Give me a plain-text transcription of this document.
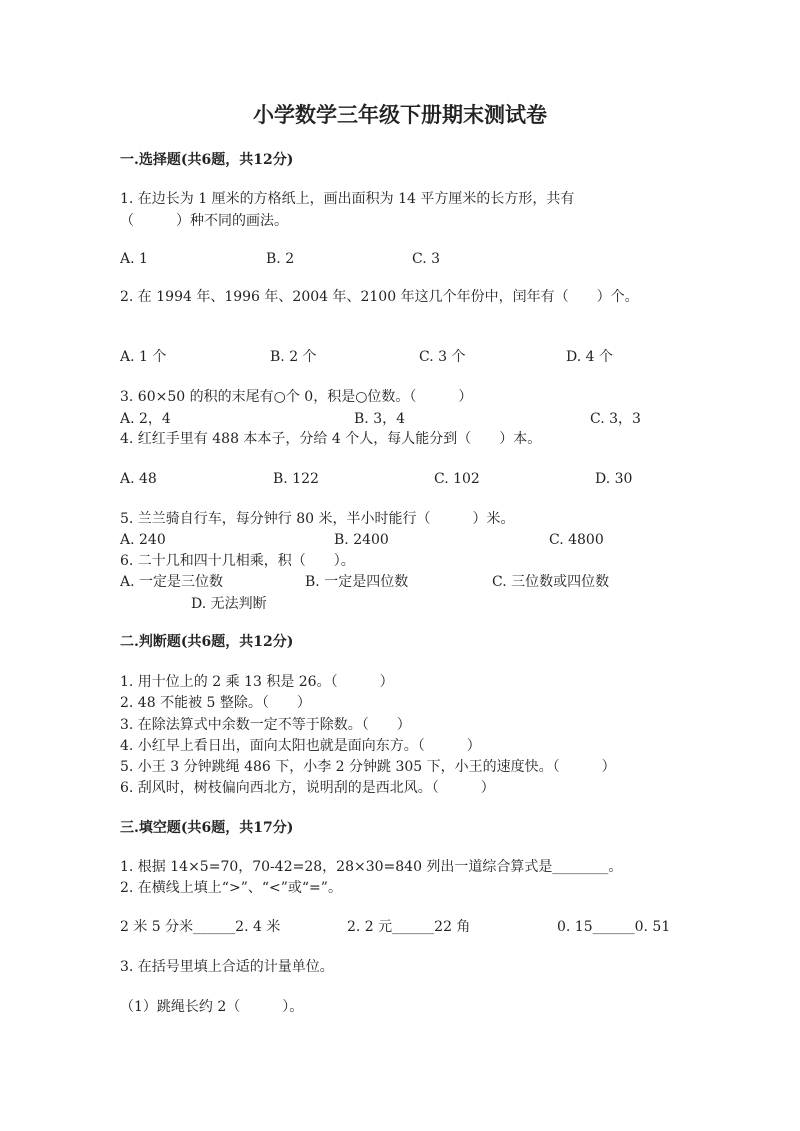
小学数学三年级下册期末测试卷
一.选择题(共6题，共12分)
1. 在边长为 1 厘米的方格纸上，画出面积为 14 平方厘米的长方形，共有
（　　　）种不同的画法。
A. 1	B. 2	C. 3
2. 在 1994 年、1996 年、2004 年、2100 年这几个年份中，闰年有（　　）个。
A. 1 个	B. 2 个	C. 3 个	D. 4 个
3. 60×50 的积的末尾有○个 0，积是○位数。（　　　）
A. 2，4	B. 3，4	C. 3，3
4. 红红手里有 488 本本子，分给 4 个人，每人能分到（　　）本。
A. 48	B. 122	C. 102	D. 30
5. 兰兰骑自行车，每分钟行 80 米，半小时能行（　　　）米。
A. 240	B. 2400	C. 4800
6. 二十几和四十几相乘，积（　　）。
A. 一定是三位数	B. 一定是四位数	C. 三位数或四位数
D. 无法判断
二.判断题(共6题，共12分)
1. 用十位上的 2 乘 13 积是 26。（　　　）
2. 48 不能被 5 整除。（　　）
3. 在除法算式中余数一定不等于除数。（　　）
4. 小红早上看日出，面向太阳也就是面向东方。（　　　）
5. 小王 3 分钟跳绳 486 下，小李 2 分钟跳 305 下，小王的速度快。（　　　）
6. 刮风时，树枝偏向西北方，说明刮的是西北风。（　　　）
三.填空题(共6题，共17分)
1. 根据 14×5=70，70-42=28，28×30=840 列出一道综合算式是________。
2. 在横线上填上“>”、“<”或“=”。
2 米 5 分米______2. 4 米	2. 2 元______22 角	0. 15______0. 51
3. 在括号里填上合适的计量单位。
（1）跳绳长约 2（　　　）。
